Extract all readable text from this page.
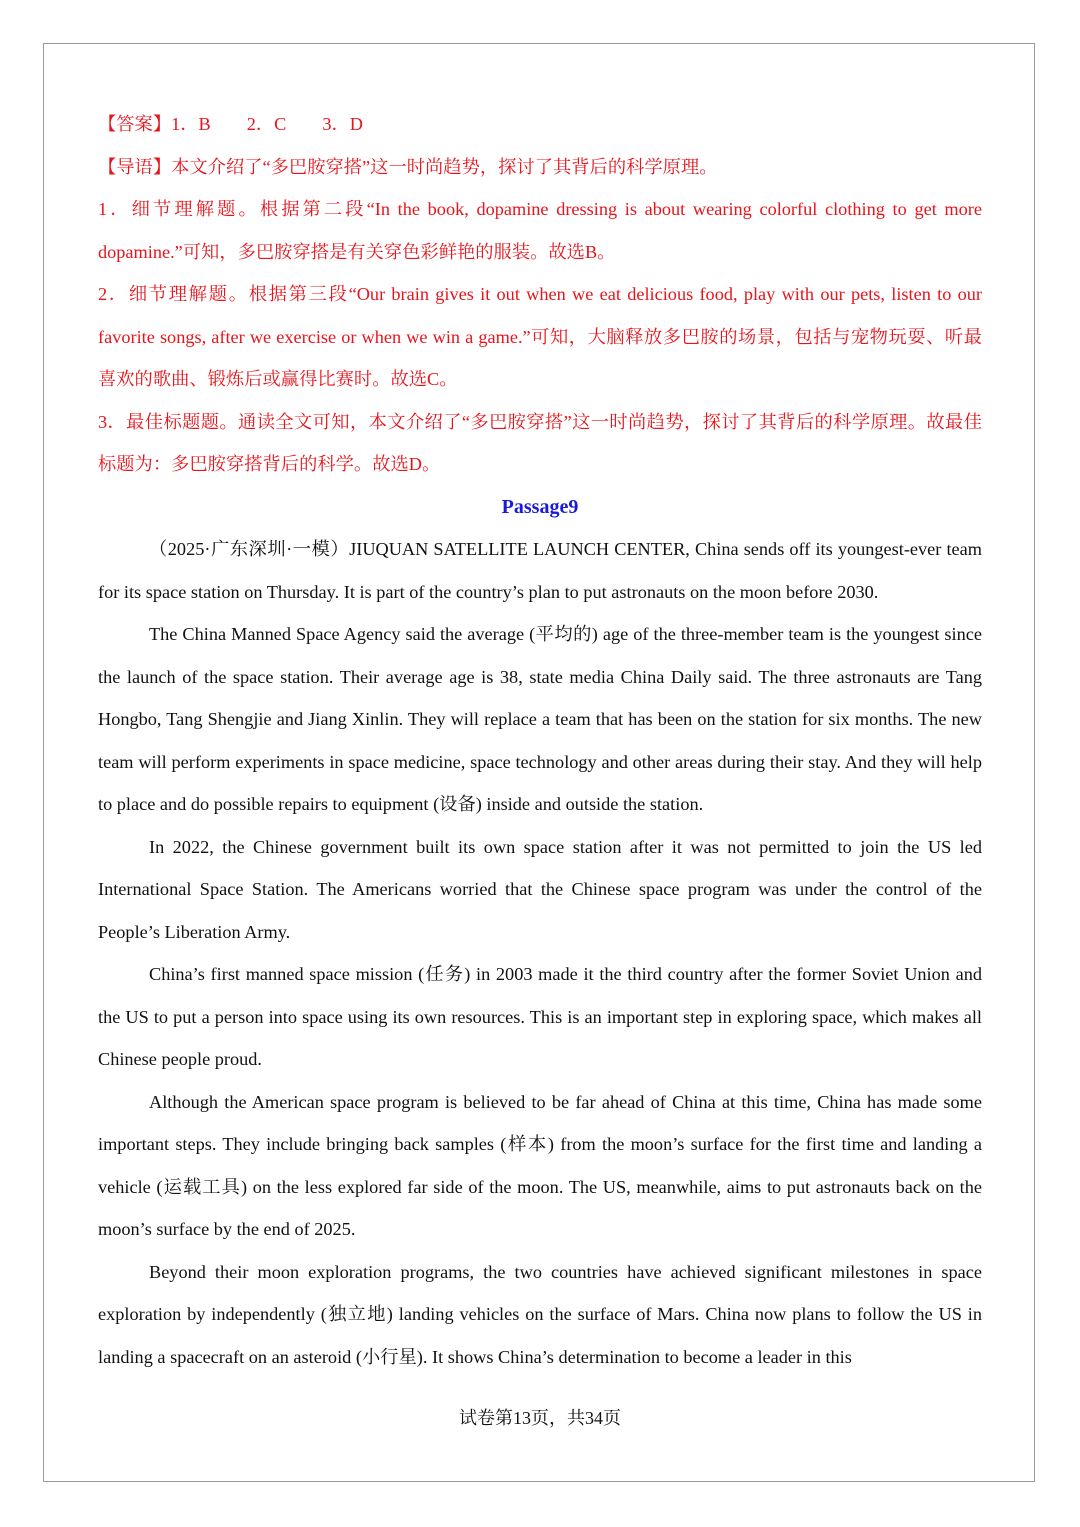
【答案】1．B 2．C 3．D

【导语】本文介绍了“多巴胺穿搭”这一时尚趋势，探讨了其背后的科学原理。

1．细节理解题。根据第二段“In the book, dopamine dressing is about wearing colorful clothing to get more dopamine.”可知，多巴胺穿搭是有关穿色彩鲜艳的服装。故选B。

2．细节理解题。根据第三段“Our brain gives it out when we eat delicious food, play with our pets, listen to our favorite songs, after we exercise or when we win a game.”可知，大脑释放多巴胺的场景，包括与宠物玩耍、听最喜欢的歌曲、锻炼后或赢得比赛时。故选C。

3．最佳标题题。通读全文可知，本文介绍了“多巴胺穿搭”这一时尚趋势，探讨了其背后的科学原理。故最佳标题为：多巴胺穿搭背后的科学。故选D。

Passage9

（2025·广东深圳·一模）JIUQUAN SATELLITE LAUNCH CENTER, China sends off its youngest-ever team for its space station on Thursday. It is part of the country’s plan to put astronauts on the moon before 2030.

The China Manned Space Agency said the average (平均的) age of the three-member team is the youngest since the launch of the space station. Their average age is 38, state media China Daily said. The three astronauts are Tang Hongbo, Tang Shengjie and Jiang Xinlin. They will replace a team that has been on the station for six months. The new team will perform experiments in space medicine, space technology and other areas during their stay. And they will help to place and do possible repairs to equipment (设备) inside and outside the station.

In 2022, the Chinese government built its own space station after it was not permitted to join the US led International Space Station. The Americans worried that the Chinese space program was under the control of the People’s Liberation Army.

China’s first manned space mission (任务) in 2003 made it the third country after the former Soviet Union and the US to put a person into space using its own resources. This is an important step in exploring space, which makes all Chinese people proud.

Although the American space program is believed to be far ahead of China at this time, China has made some important steps. They include bringing back samples (样本) from the moon’s surface for the first time and landing a vehicle (运载工具) on the less explored far side of the moon. The US, meanwhile, aims to put astronauts back on the moon’s surface by the end of 2025.

Beyond their moon exploration programs, the two countries have achieved significant milestones in space exploration by independently (独立地) landing vehicles on the surface of Mars. China now plans to follow the US in landing a spacecraft on an asteroid (小行星). It shows China’s determination to become a leader in this

试卷第13页，共34页
